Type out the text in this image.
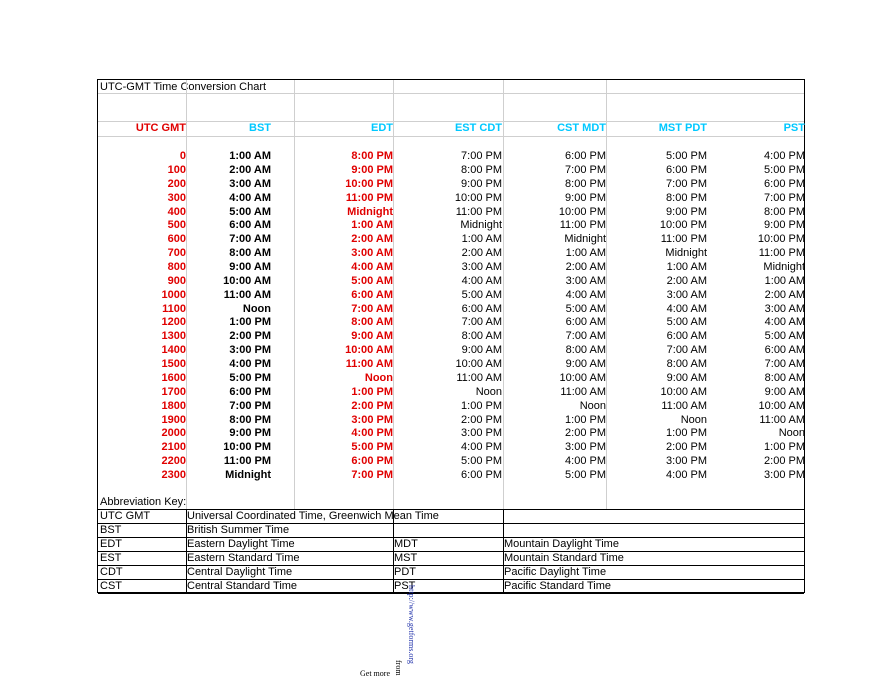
UTC-GMT Time Conversion Chart
UTC GMT	BST	EDT	EST CDT	CST MDT	MST PDT	PST
0	1:00 AM	8:00 PM	7:00 PM	6:00 PM	5:00 PM	4:00 PM
100	2:00 AM	9:00 PM	8:00 PM	7:00 PM	6:00 PM	5:00 PM
200	3:00 AM	10:00 PM	9:00 PM	8:00 PM	7:00 PM	6:00 PM
300	4:00 AM	11:00 PM	10:00 PM	9:00 PM	8:00 PM	7:00 PM
400	5:00 AM	Midnight	11:00 PM	10:00 PM	9:00 PM	8:00 PM
500	6:00 AM	1:00 AM	Midnight	11:00 PM	10:00 PM	9:00 PM
600	7:00 AM	2:00 AM	1:00 AM	Midnight	11:00 PM	10:00 PM
700	8:00 AM	3:00 AM	2:00 AM	1:00 AM	Midnight	11:00 PM
800	9:00 AM	4:00 AM	3:00 AM	2:00 AM	1:00 AM	Midnight
900	10:00 AM	5:00 AM	4:00 AM	3:00 AM	2:00 AM	1:00 AM
1000	11:00 AM	6:00 AM	5:00 AM	4:00 AM	3:00 AM	2:00 AM
1100	Noon	7:00 AM	6:00 AM	5:00 AM	4:00 AM	3:00 AM
1200	1:00 PM	8:00 AM	7:00 AM	6:00 AM	5:00 AM	4:00 AM
1300	2:00 PM	9:00 AM	8:00 AM	7:00 AM	6:00 AM	5:00 AM
1400	3:00 PM	10:00 AM	9:00 AM	8:00 AM	7:00 AM	6:00 AM
1500	4:00 PM	11:00 AM	10:00 AM	9:00 AM	8:00 AM	7:00 AM
1600	5:00 PM	Noon	11:00 AM	10:00 AM	9:00 AM	8:00 AM
1700	6:00 PM	1:00 PM	Noon	11:00 AM	10:00 AM	9:00 AM
1800	7:00 PM	2:00 PM	1:00 PM	Noon	11:00 AM	10:00 AM
1900	8:00 PM	3:00 PM	2:00 PM	1:00 PM	Noon	11:00 AM
2000	9:00 PM	4:00 PM	3:00 PM	2:00 PM	1:00 PM	Noon
2100	10:00 PM	5:00 PM	4:00 PM	3:00 PM	2:00 PM	1:00 PM
2200	11:00 PM	6:00 PM	5:00 PM	4:00 PM	3:00 PM	2:00 PM
2300	Midnight	7:00 PM	6:00 PM	5:00 PM	4:00 PM	3:00 PM
Abbreviation Key:
UTC GMT	Universal Coordinated Time, Greenwich Mean Time
BST	British Summer Time
EDT	Eastern Daylight Time	MDT	Mountain Daylight Time
EST	Eastern Standard Time	MST	Mountain Standard Time
CDT	Central Daylight Time	PDT	Pacific Daylight Time
CST	Central Standard Time	PST	Pacific Standard Time
http://www.getforms.org
from
Get more
